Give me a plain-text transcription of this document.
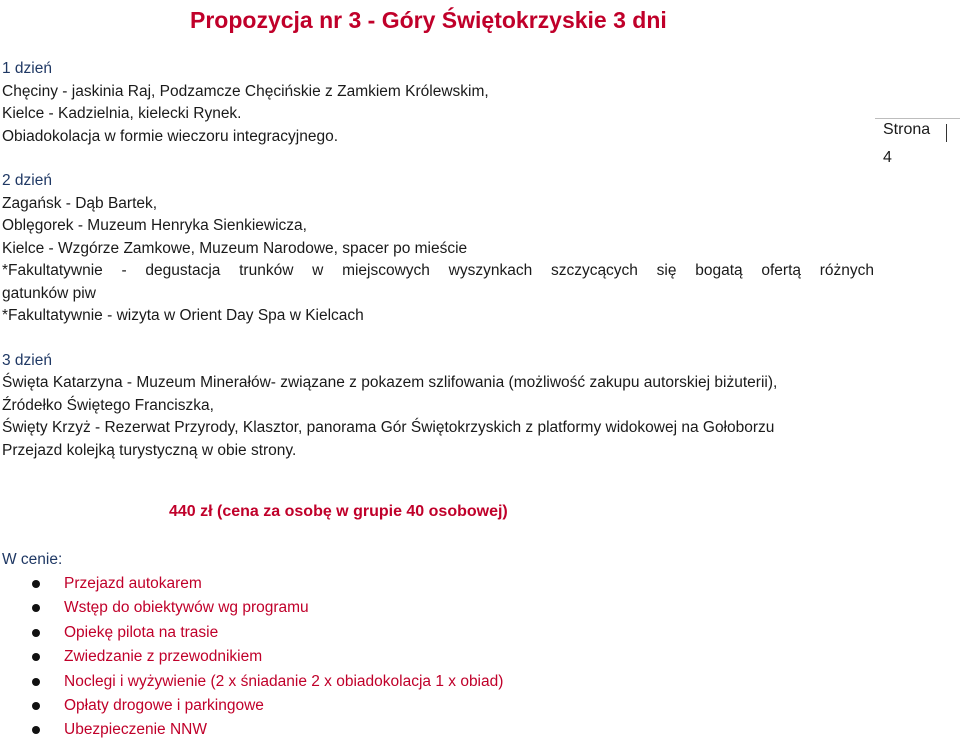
Propozycja nr 3 - Góry Świętokrzyskie 3 dni
1 dzień
Chęciny - jaskinia Raj, Podzamcze Chęcińskie z Zamkiem Królewskim,
Kielce - Kadzielnia, kielecki Rynek.
Obiadokolacja w formie wieczoru integracyjnego.
2 dzień
Zagańsk - Dąb Bartek,
Oblęgorek - Muzeum Henryka Sienkiewicza,
Kielce - Wzgórze Zamkowe, Muzeum Narodowe, spacer po mieście
*Fakultatywnie - degustacja trunków w miejscowych wyszynkach szczycących się bogatą ofertą różnych
gatunków piw
*Fakultatywnie - wizyta w Orient Day Spa w Kielcach
3 dzień
Święta Katarzyna - Muzeum Minerałów- związane z pokazem szlifowania (możliwość zakupu autorskiej biżuterii),
Źródełko Świętego Franciszka,
Święty Krzyż - Rezerwat Przyrody, Klasztor, panorama Gór Świętokrzyskich z platformy widokowej na Gołoborzu
Przejazd kolejką turystyczną w obie strony.
440 zł (cena za osobę w grupie 40 osobowej)
W cenie:
Przejazd autokarem
Wstęp do obiektywów wg programu
Opiekę pilota na trasie
Zwiedzanie z przewodnikiem
Noclegi i wyżywienie (2 x śniadanie 2 x obiadokolacja 1 x obiad)
Opłaty drogowe i parkingowe
Ubezpieczenie NNW
Strona
4
